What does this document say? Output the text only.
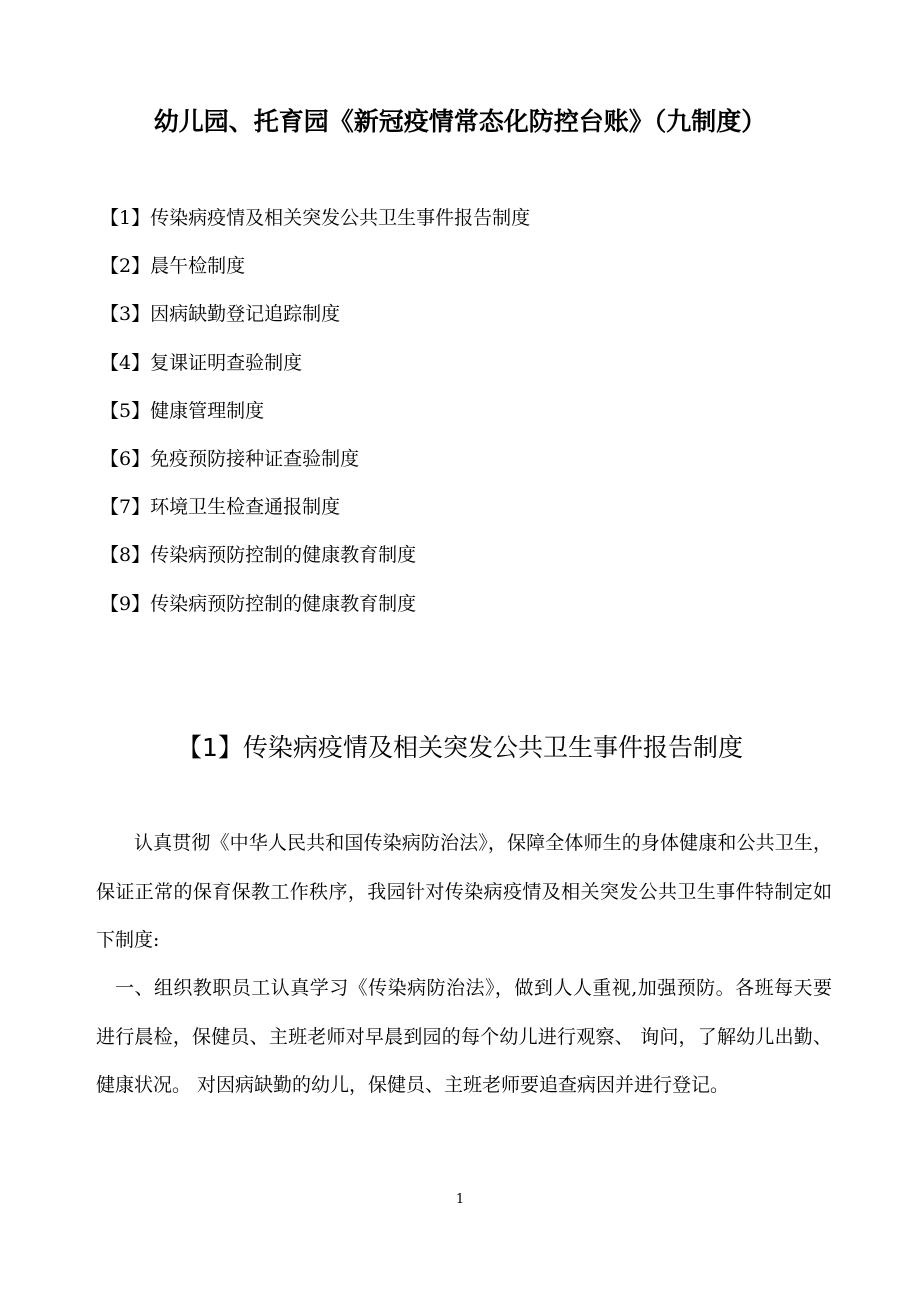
幼儿园、托育园《新冠疫情常态化防控台账》（九制度）
【1】传染病疫情及相关突发公共卫生事件报告制度
【2】晨午检制度
【3】因病缺勤登记追踪制度
【4】复课证明查验制度
【5】健康管理制度
【6】免疫预防接种证查验制度
【7】环境卫生检查通报制度
【8】传染病预防控制的健康教育制度
【9】传染病预防控制的健康教育制度
【1】传染病疫情及相关突发公共卫生事件报告制度

认真贯彻《中华人民共和国传染病防治法》，保障全体师生的身体健康和公共卫生，保证正常的保育保教工作秩序，我园针对传染病疫情及相关突发公共卫生事件特制定如下制度:

一、组织教职员工认真学习《传染病防治法》，做到人人重视,加强预防。各班每天要进行晨检，保健员、主班老师对早晨到园的每个幼儿进行观察、 询问，了解幼儿出勤、 健康状况。 对因病缺勤的幼儿，保健员、主班老师要追查病因并进行登记。

1
